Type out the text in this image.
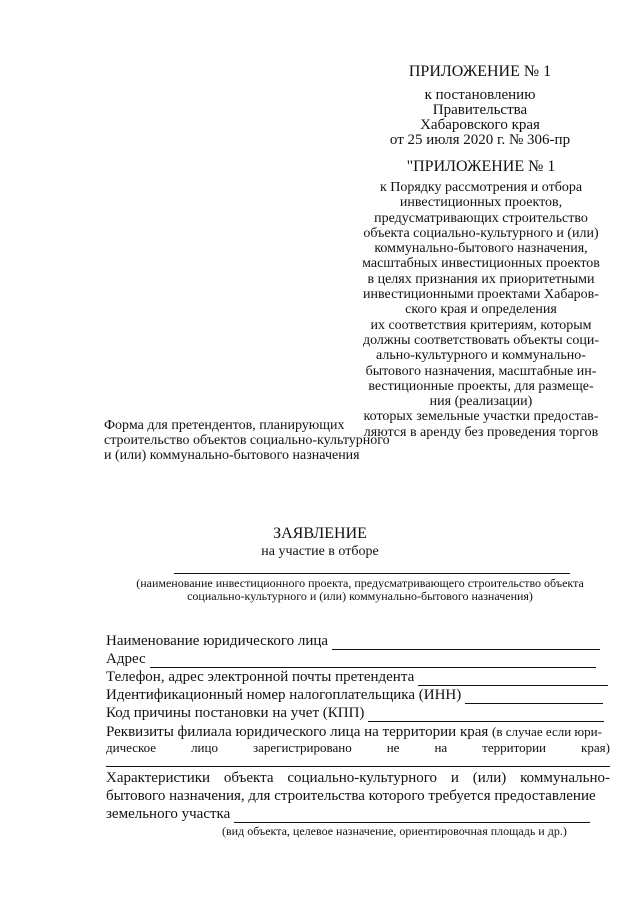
ПРИЛОЖЕНИЕ № 1
к постановлению
Правительства
Хабаровского края
от 25 июля 2020 г. № 306-пр
"ПРИЛОЖЕНИЕ № 1
к Порядку рассмотрения и отбора
инвестиционных проектов,
предусматривающих строительство
объекта социально-культурного и (или)
коммунально-бытового назначения,
масштабных инвестиционных проектов
в целях признания их приоритетными
инвестиционными проектами Хабаров-
ского края и определения
их соответствия критериям, которым
должны соответствовать объекты соци-
ально-культурного и коммунально-
бытового назначения, масштабные ин-
вестиционные проекты, для размеще-
ния (реализации)
которых земельные участки предостав-
ляются в аренду без проведения торгов
Форма для претендентов, планирующих
строительство объектов социально-культурного
и (или) коммунально-бытового назначения
ЗАЯВЛЕНИЕ
на участие в отборе
(наименование инвестиционного проекта, предусматривающего строительство объекта
социально-культурного и (или) коммунально-бытового назначения)
Наименование юридического лица
Адрес
Телефон, адрес электронной почты претендента
Идентификационный номер налогоплательщика (ИНН)
Код причины постановки на учет (КПП)
Реквизиты филиала юридического лица на территории края (в случае если юри-
дическое	лицо	зарегистрировано	не	на	территории	края)
Характеристики объекта социально-культурного и (или) коммунально-
бытового назначения, для строительства которого требуется предоставление
земельного участка
(вид объекта, целевое назначение, ориентировочная площадь и др.)
